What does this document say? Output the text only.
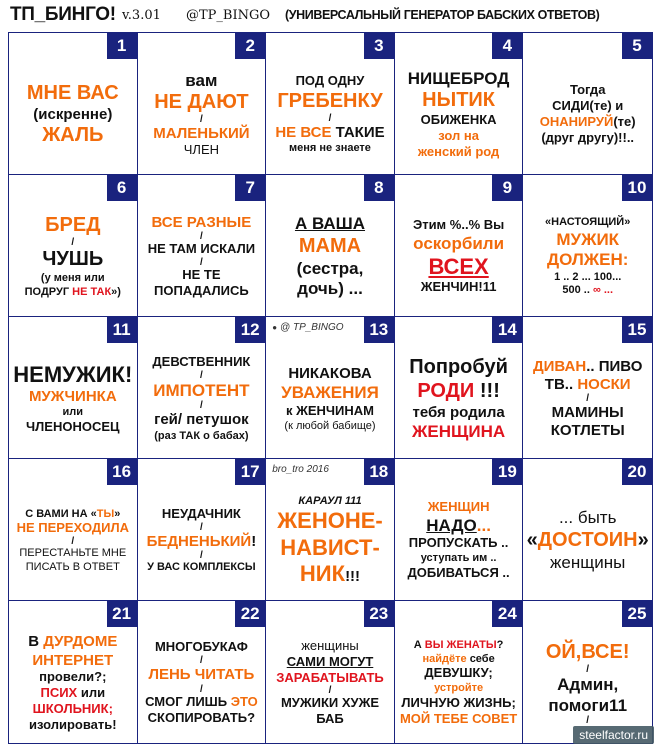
ТП_БИНГО! v.3.01 @TP_BINGO (УНИВЕРСАЛЬНЫЙ ГЕНЕРАТОР БАБСКИХ ОТВЕТОВ)
1
МНЕ ВАС
(искренне)
ЖАЛЬ
2
вам
НЕ ДАЮТ
/
МАЛЕНЬКИЙ
ЧЛЕН
3
ПОД ОДНУ
ГРЕБЕНКУ
/
НЕ ВСЕ ТАКИЕ
меня не знаете
4
НИЩЕБРОД
НЫТИК
ОБИЖЕНКА
зол на
женский род
5
Тогда
СИДИ(те) и
ОНАНИРУЙ(те)
(друг другу)!!..
6
БРЕД
/
ЧУШЬ
(у меня или
ПОДРУГ НЕ ТАК»)
7
ВСЕ РАЗНЫЕ
/
НЕ ТАМ ИСКАЛИ
/
НЕ ТЕ
ПОПАДАЛИСЬ
8
А ВАША
МАМА
(сестра,
дочь) ...
9
Этим %..% Вы
оскорбили
ВСЕХ
ЖЕНЧИН!11
10
«НАСТОЯЩИЙ»
МУЖИК
ДОЛЖЕН:
1 .. 2 ... 100...
500 .. ∞ ...
11
НЕМУЖИК!
МУЖЧИНКА
или
ЧЛЕНОНОСЕЦ
12
ДЕВСТВЕННИК
/
ИМПОТЕНТ
/
гей/ петушок
(раз ТАК о бабах)
● @ TP_BINGO	13
НИКАКОВА
УВАЖЕНИЯ
к ЖЕНЧИНАМ
(к любой бабище)
14
Попробуй
РОДИ !!!
тебя родила
ЖЕНЩИНА
15
ДИВАН.. ПИВО
ТВ.. НОСКИ
/
МАМИНЫ
КОТЛЕТЫ
16
С ВАМИ НА «ТЫ»
НЕ ПЕРЕХОДИЛА
/
ПЕРЕСТАНЬТЕ МНЕ
ПИСАТЬ В ОТВЕТ
17
НЕУДАЧНИК
/
БЕДНЕНЬКИЙ!
/
У ВАС КОМПЛЕКСЫ
bro_tro 2016	18
КАРАУЛ 111
ЖЕНОНЕ-
НАВИСТ-
НИК!!!
19
ЖЕНЩИН
НАДО...
ПРОПУСКАТЬ ..
уступать им ..
ДОБИВАТЬСЯ ..
20
... быть
«ДОСТОИН»
женщины
21
В ДУРДОМЕ
ИНТЕРНЕТ
провели?;
ПСИХ или
ШКОЛЬНИК;
изолировать!
22
МНОГОБУКАФ
/
ЛЕНЬ ЧИТАТЬ
/
СМОГ ЛИШЬ ЭТО
СКОПИРОВАТЬ?
23
женщины
САМИ МОГУТ
ЗАРАБАТЫВАТЬ
/
МУЖИКИ ХУЖЕ
БАБ
24
А ВЫ ЖЕНАТЫ?
найдёте себе
ДЕВУШКУ;
устройте
ЛИЧНУЮ ЖИЗНЬ;
МОЙ ТЕБЕ СОВЕТ
25
ОЙ,ВСЕ!
/
Админ,
помоги11
/
steelfactor.ru
